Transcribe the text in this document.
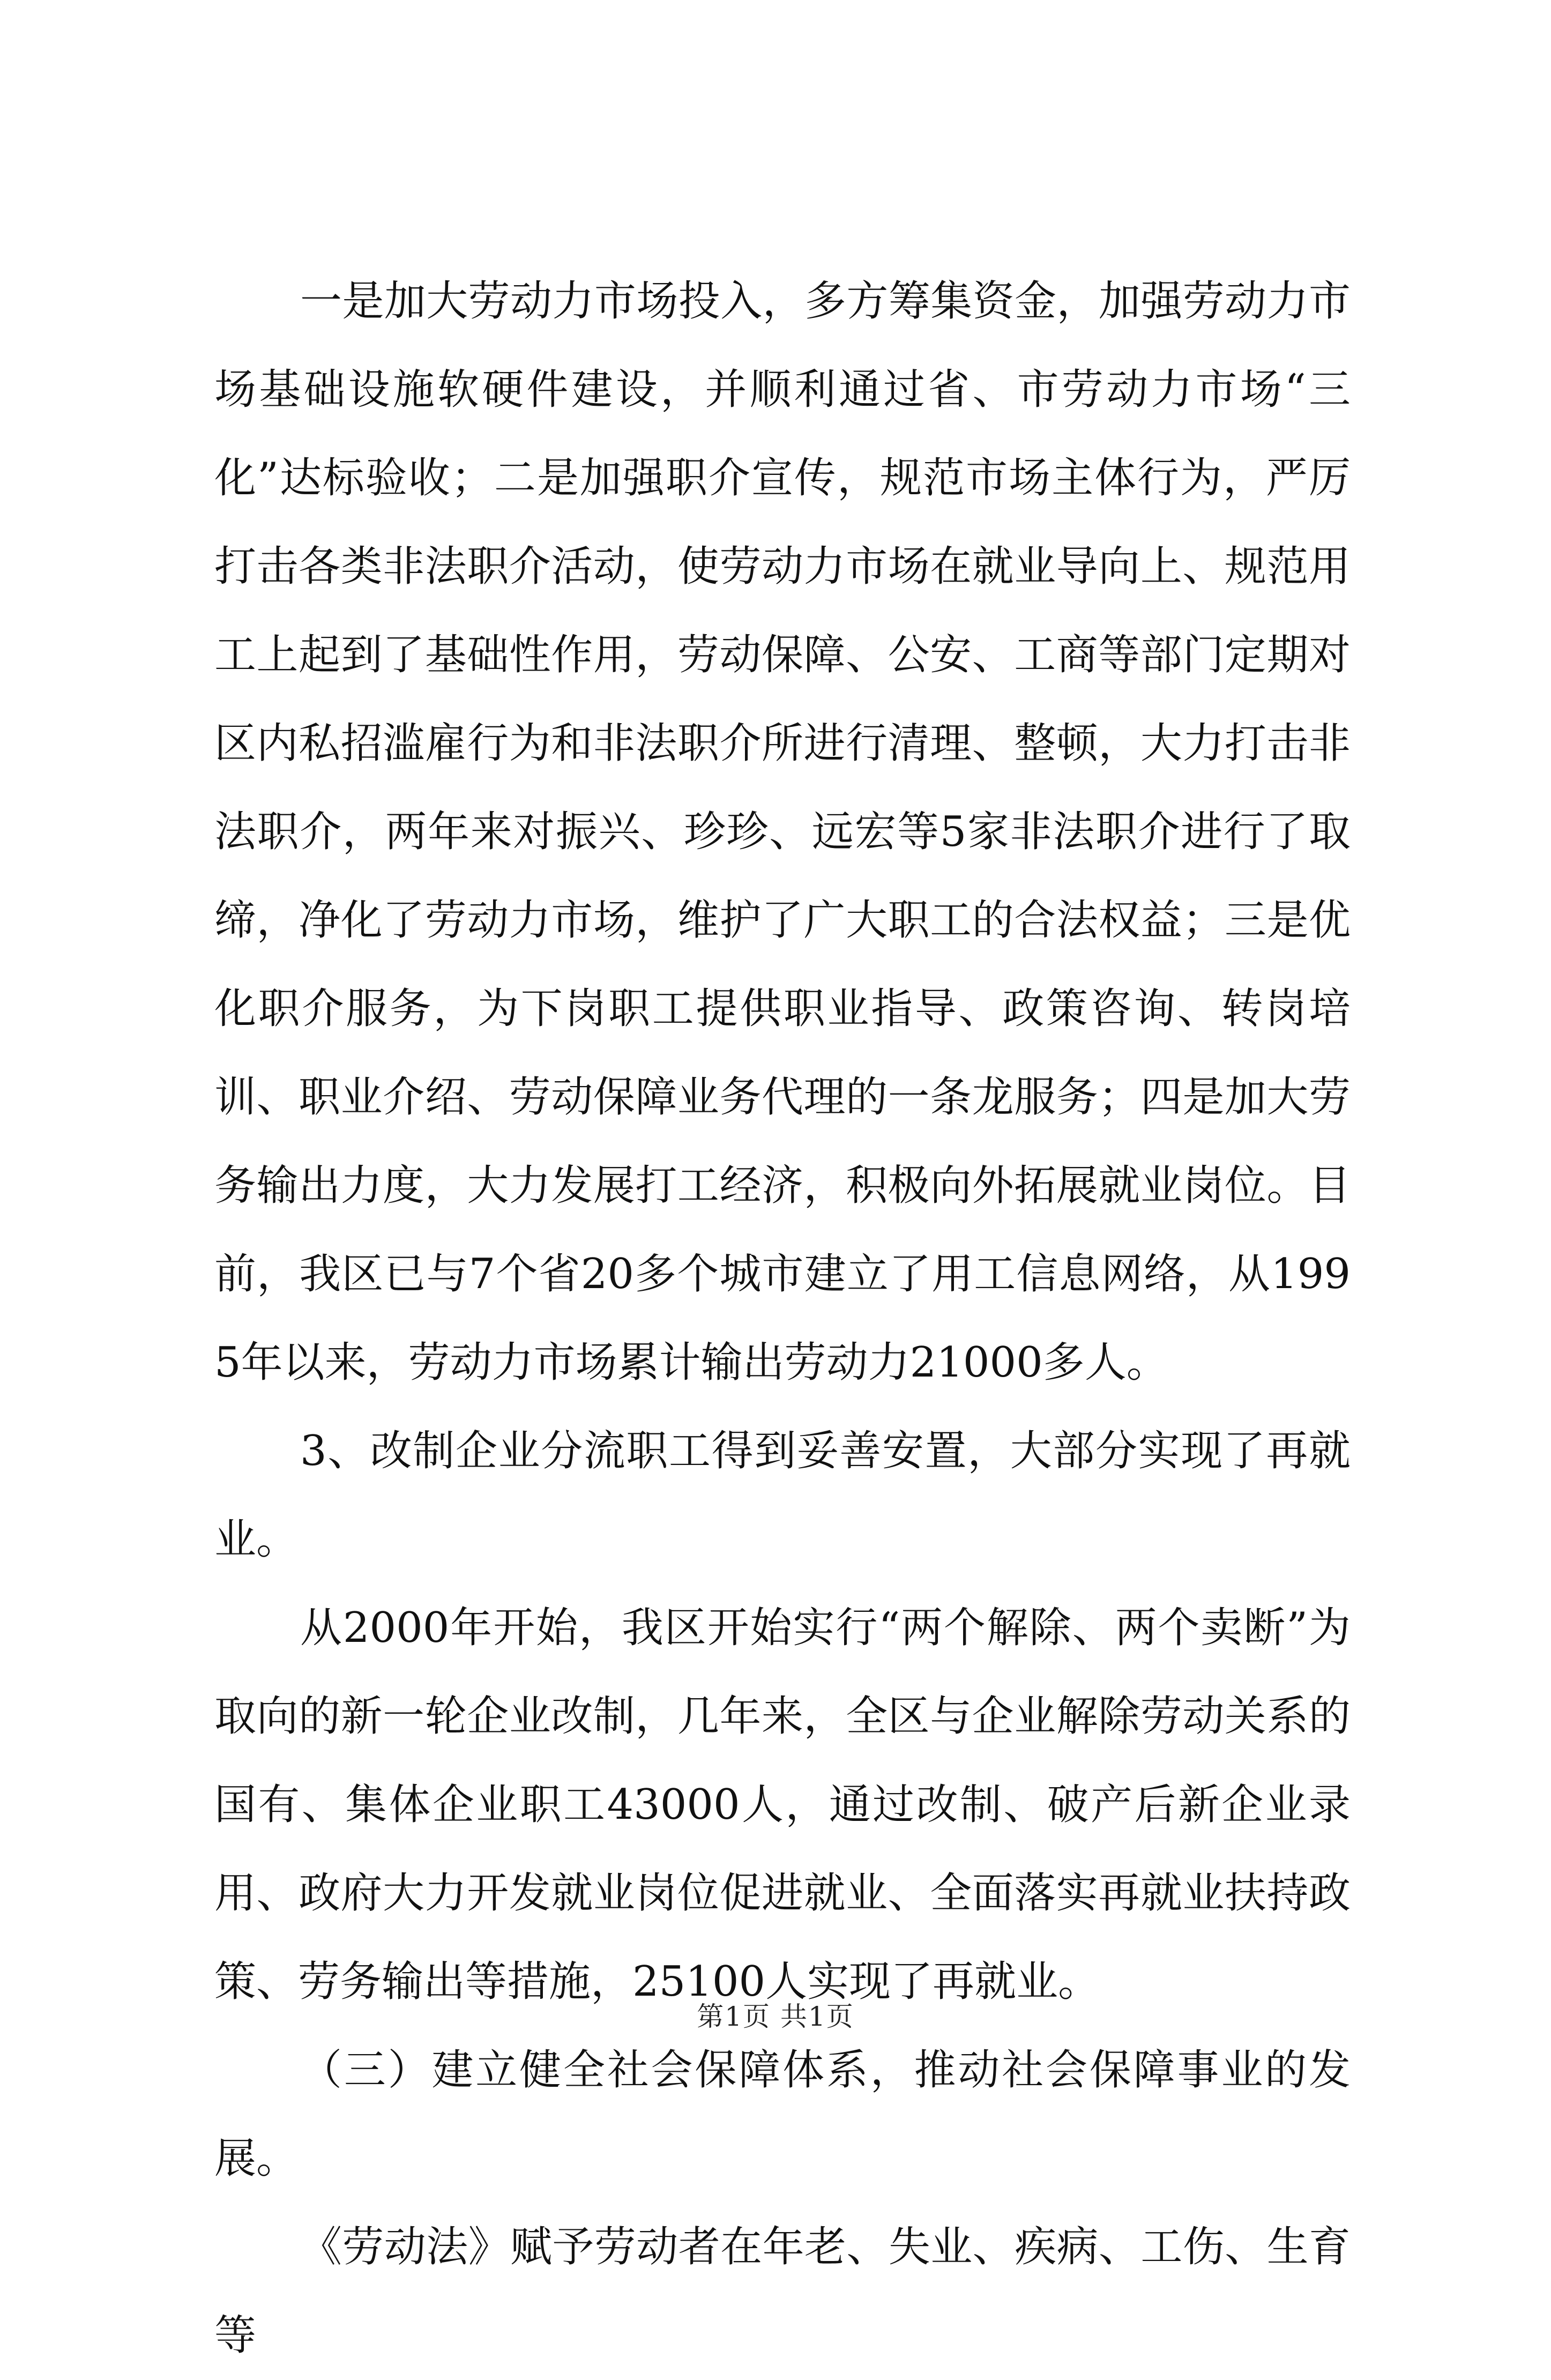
一是加大劳动力市场投入，多方筹集资金，加强劳动力市场基础设施软硬件建设，并顺利通过省、市劳动力市场“三化”达标验收；二是加强职介宣传，规范市场主体行为，严厉打击各类非法职介活动，使劳动力市场在就业导向上、规范用工上起到了基础性作用，劳动保障、公安、工商等部门定期对区内私招滥雇行为和非法职介所进行清理、整顿，大力打击非法职介，两年来对振兴、珍珍、远宏等5家非法职介进行了取缔，净化了劳动力市场，维护了广大职工的合法权益；三是优化职介服务，为下岗职工提供职业指导、政策咨询、转岗培训、职业介绍、劳动保障业务代理的一条龙服务；四是加大劳务输出力度，大力发展打工经济，积极向外拓展就业岗位。目前，我区已与7个省20多个城市建立了用工信息网络，从1995年以来，劳动力市场累计输出劳动力21000多人。

3、改制企业分流职工得到妥善安置，大部分实现了再就业。

从2000年开始，我区开始实行“两个解除、两个卖断”为取向的新一轮企业改制，几年来，全区与企业解除劳动关系的国有、集体企业职工43000人，通过改制、破产后新企业录用、政府大力开发就业岗位促进就业、全面落实再就业扶持政策、劳务输出等措施，25100人实现了再就业。

（三）建立健全社会保障体系，推动社会保障事业的发展。

《劳动法》赋予劳动者在年老、失业、疾病、工伤、生育等

第1页 共1页
